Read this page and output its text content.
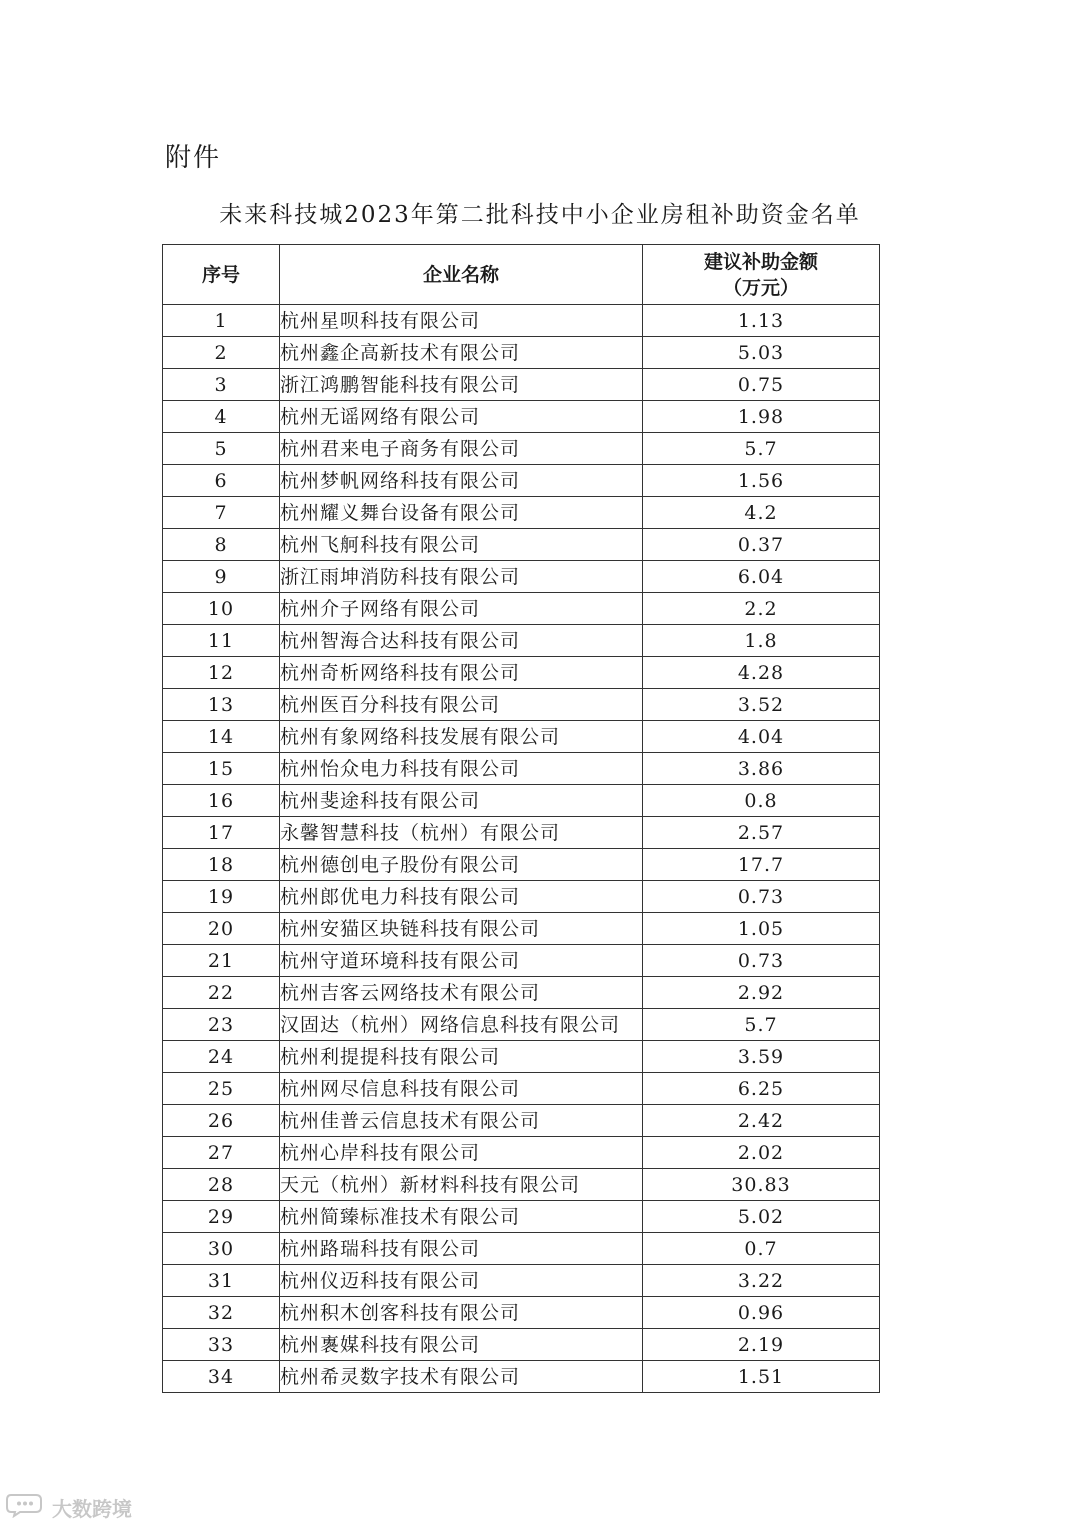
附件
未来科技城2023年第二批科技中小企业房租补助资金名单
序号	企业名称	建议补助金额
（万元）

1	杭州星呗科技有限公司	1.13
2	杭州鑫企高新技术有限公司	5.03
3	浙江鸿鹏智能科技有限公司	0.75
4	杭州无谣网络有限公司	1.98
5	杭州君来电子商务有限公司	5.7
6	杭州梦帆网络科技有限公司	1.56
7	杭州耀义舞台设备有限公司	4.2
8	杭州飞舸科技有限公司	0.37
9	浙江雨坤消防科技有限公司	6.04
10	杭州介子网络有限公司	2.2
11	杭州智海合达科技有限公司	1.8
12	杭州奇析网络科技有限公司	4.28
13	杭州医百分科技有限公司	3.52
14	杭州有象网络科技发展有限公司	4.04
15	杭州怡众电力科技有限公司	3.86
16	杭州斐途科技有限公司	0.8
17	永馨智慧科技（杭州）有限公司	2.57
18	杭州德创电子股份有限公司	17.7
19	杭州郎优电力科技有限公司	0.73
20	杭州安猫区块链科技有限公司	1.05
21	杭州守道环境科技有限公司	0.73
22	杭州吉客云网络技术有限公司	2.92
23	汉固达（杭州）网络信息科技有限公司	5.7
24	杭州利提提科技有限公司	3.59
25	杭州网尽信息科技有限公司	6.25
26	杭州佳普云信息技术有限公司	2.42
27	杭州心岸科技有限公司	2.02
28	天元（杭州）新材料科技有限公司	30.83
29	杭州简臻标准技术有限公司	5.02
30	杭州路瑞科技有限公司	0.7
31	杭州仪迈科技有限公司	3.22
32	杭州积木创客科技有限公司	0.96
33	杭州褢媒科技有限公司	2.19
34	杭州希灵数字技术有限公司	1.51
大数跨境
